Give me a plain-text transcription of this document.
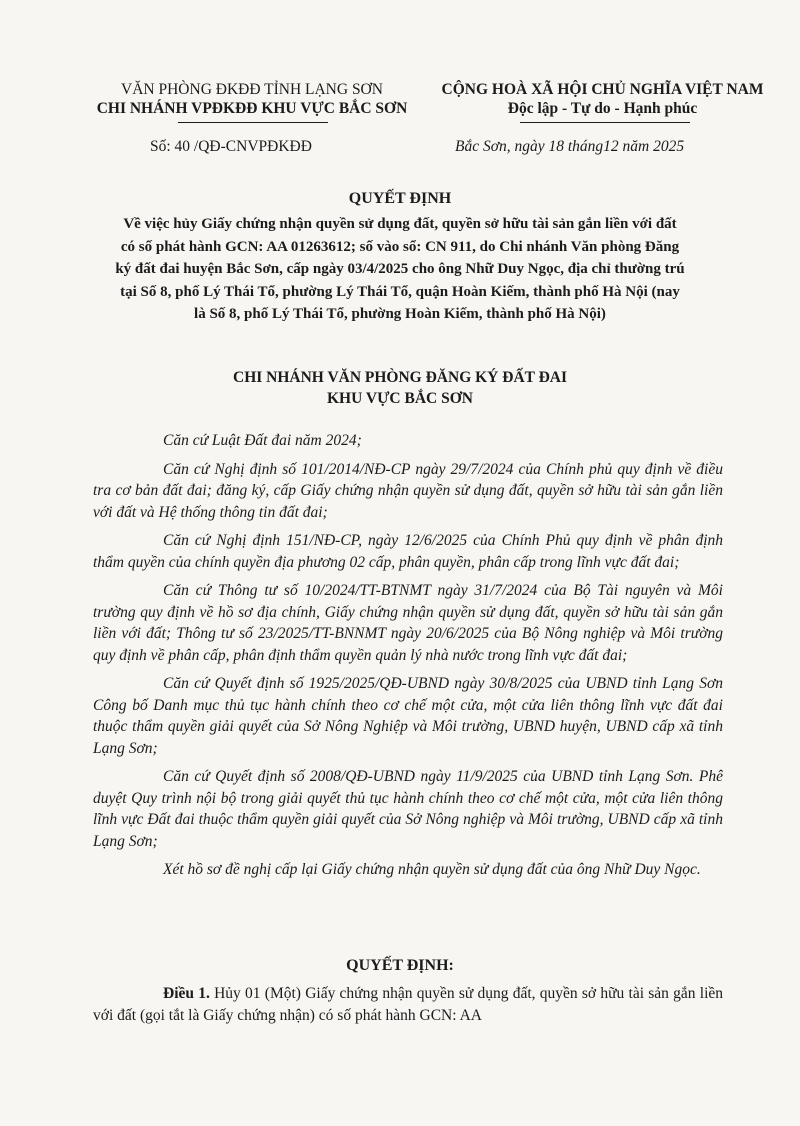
VĂN PHÒNG ĐKĐĐ TỈNH LẠNG SƠN
CHI NHÁNH VPĐKĐĐ KHU VỰC BẮC SƠN
CỘNG HOÀ XÃ HỘI CHỦ NGHĨA VIỆT NAM
Độc lập - Tự do - Hạnh phúc
Số: 40 /QĐ-CNVPĐKĐĐ	Bắc Sơn, ngày 18 tháng12 năm 2025
QUYẾT ĐỊNH
Về việc hủy Giấy chứng nhận quyền sử dụng đất, quyền sở hữu tài sản gắn liền với đất có số phát hành GCN: AA 01263612; số vào sổ: CN 911, do Chi nhánh Văn phòng Đăng ký đất đai huyện Bắc Sơn, cấp ngày 03/4/2025 cho ông Nhữ Duy Ngọc, địa chỉ thường trú tại Số 8, phố Lý Thái Tổ, phường Lý Thái Tổ, quận Hoàn Kiếm, thành phố Hà Nội (nay là Số 8, phố Lý Thái Tổ, phường Hoàn Kiếm, thành phố Hà Nội)
CHI NHÁNH VĂN PHÒNG ĐĂNG KÝ ĐẤT ĐAI
KHU VỰC BẮC SƠN

Căn cứ Luật Đất đai năm 2024;

Căn cứ Nghị định số 101/2014/NĐ-CP ngày 29/7/2024 của Chính phủ quy định về điều tra cơ bản đất đai; đăng ký, cấp Giấy chứng nhận quyền sử dụng đất, quyền sở hữu tài sản gắn liền với đất và Hệ thống thông tin đất đai;

Căn cứ Nghị định 151/NĐ-CP, ngày 12/6/2025 của Chính Phủ quy định về phân định thẩm quyền của chính quyền địa phương 02 cấp, phân quyền, phân cấp trong lĩnh vực đất đai;

Căn cứ Thông tư số 10/2024/TT-BTNMT ngày 31/7/2024 của Bộ Tài nguyên và Môi trường quy định về hồ sơ địa chính, Giấy chứng nhận quyền sử dụng đất, quyền sở hữu tài sản gắn liền với đất; Thông tư số 23/2025/TT-BNNMT ngày 20/6/2025 của Bộ Nông nghiệp và Môi trường quy định về phân cấp, phân định thẩm quyền quản lý nhà nước trong lĩnh vực đất đai;

Căn cứ Quyết định số 1925/2025/QĐ-UBND ngày 30/8/2025 của UBND tỉnh Lạng Sơn Công bố Danh mục thủ tục hành chính theo cơ chế một cửa, một cửa liên thông lĩnh vực đất đai thuộc thẩm quyền giải quyết của Sở Nông Nghiệp và Môi trường, UBND huyện, UBND cấp xã tỉnh Lạng Sơn;

Căn cứ Quyết định số 2008/QĐ-UBND ngày 11/9/2025 của UBND tỉnh Lạng Sơn. Phê duyệt Quy trình nội bộ trong giải quyết thủ tục hành chính theo cơ chế một cửa, một cửa liên thông lĩnh vực Đất đai thuộc thẩm quyền giải quyết của Sở Nông nghiệp và Môi trường, UBND cấp xã tỉnh Lạng Sơn;

Xét hồ sơ đề nghị cấp lại Giấy chứng nhận quyền sử dụng đất của ông Nhữ Duy Ngọc.

QUYẾT ĐỊNH:
Điều 1. Hủy 01 (Một) Giấy chứng nhận quyền sử dụng đất, quyền sở hữu tài sản gắn liền với đất (gọi tắt là Giấy chứng nhận) có số phát hành GCN: AA
